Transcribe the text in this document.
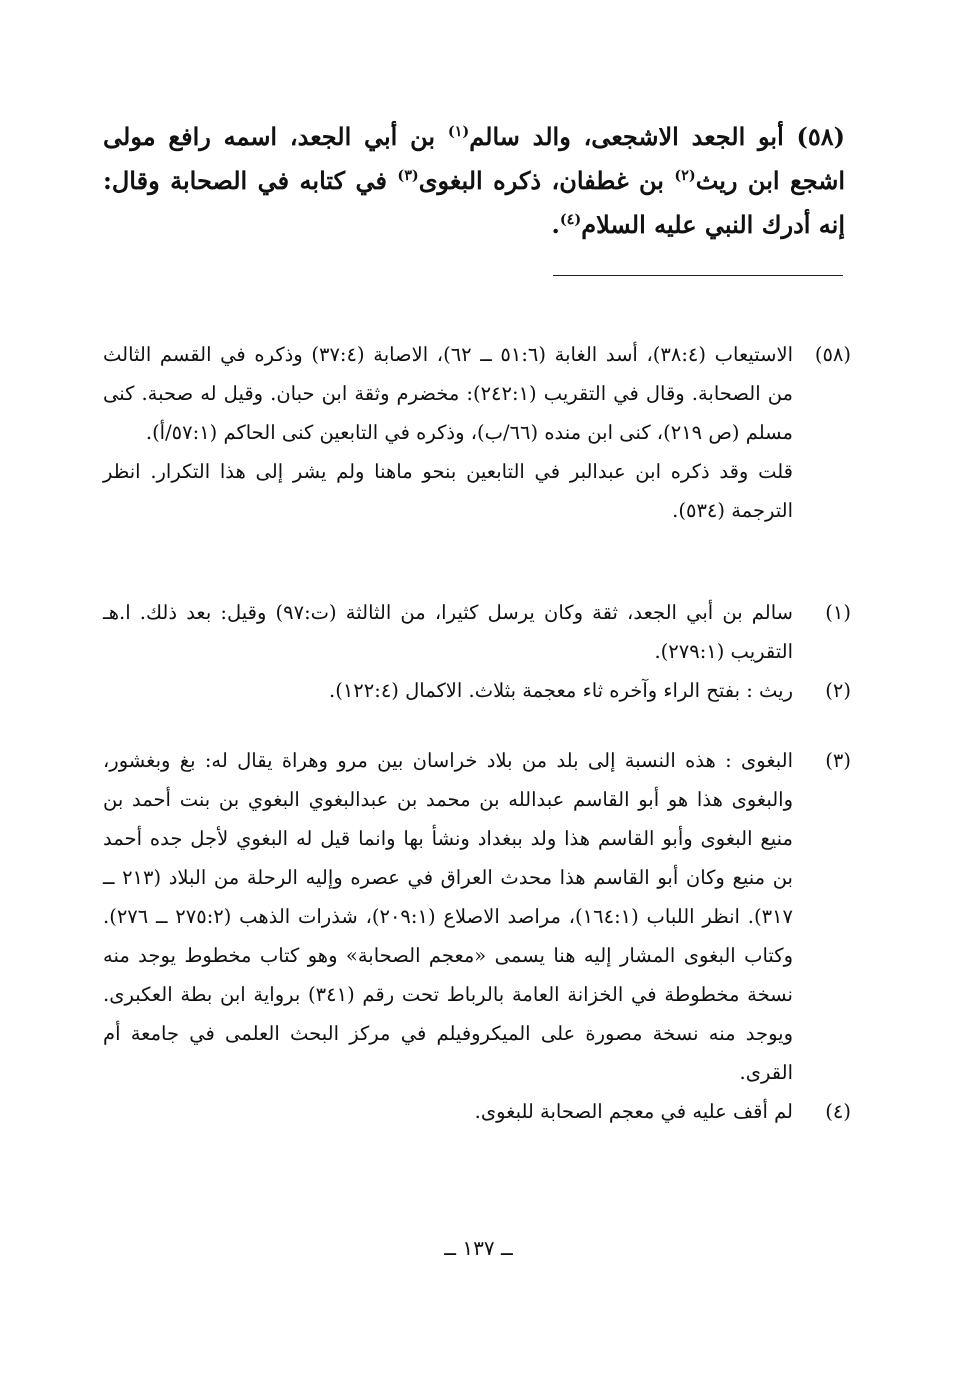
(٥٨) أبو الجعد الاشجعى، والد سالم$^{(١)}$ بن أبي الجعد، اسمه رافع مولى اشجع ابن ريث$^{(٢)}$ بن غطفان، ذكره البغوى$^{(٣)}$ في كتابه في الصحابة وقال: إنه أدرك النبي عليه السلام$^{(٤)}$.
(٥٨)
الاستيعاب (٣٨:٤)، أسد الغابة (٥١:٦ ــ ٦٢)، الاصابة (٣٧:٤) وذكره في القسم الثالث من الصحابة. وقال في التقريب (٢٤٢:١): مخضرم وثقة ابن حبان. وقيل له صحبة. كنى مسلم (ص ٢١٩)، كنى ابن منده (٦٦/ب)، وذكره في التابعين كنى الحاكم (٥٧:١/أ).
قلت وقد ذكره ابن عبدالبر في التابعين بنحو ماهنا ولم يشر إلى هذا التكرار. انظر الترجمة (٥٣٤).
(١)
سالم بن أبي الجعد، ثقة وكان يرسل كثيرا، من الثالثة (ت:٩٧) وقيل: بعد ذلك. ا.هـ التقريب (٢٧٩:١).
(٢)
ريث : بفتح الراء وآخره ثاء معجمة بثلاث. الاكمال (١٢٢:٤).
(٣)
البغوى : هذه النسبة إلى بلد من بلاد خراسان بين مرو وهراة يقال له: بغ وبغشور، والبغوى هذا هو أبو القاسم عبدالله بن محمد بن عبدالبغوي البغوي بن بنت أحمد بن منيع البغوى وأبو القاسم هذا ولد ببغداد ونشأ بها وانما قيل له البغوي لأجل جده أحمد بن منيع وكان أبو القاسم هذا محدث العراق في عصره وإليه الرحلة من البلاد (٢١٣ ــ ٣١٧). انظر اللباب (١٦٤:١)، مراصد الاصلاع (٢٠٩:١)، شذرات الذهب (٢٧٥:٢ ــ ٢٧٦). وكتاب البغوى المشار إليه هنا يسمى «معجم الصحابة» وهو كتاب مخطوط يوجد منه نسخة مخطوطة في الخزانة العامة بالرباط تحت رقم (٣٤١) برواية ابن بطة العكبرى. ويوجد منه نسخة مصورة على الميكروفيلم في مركز البحث العلمى في جامعة أم القرى.
(٤)
لم أقف عليه في معجم الصحابة للبغوى.
ــ ١٣٧ ــ
